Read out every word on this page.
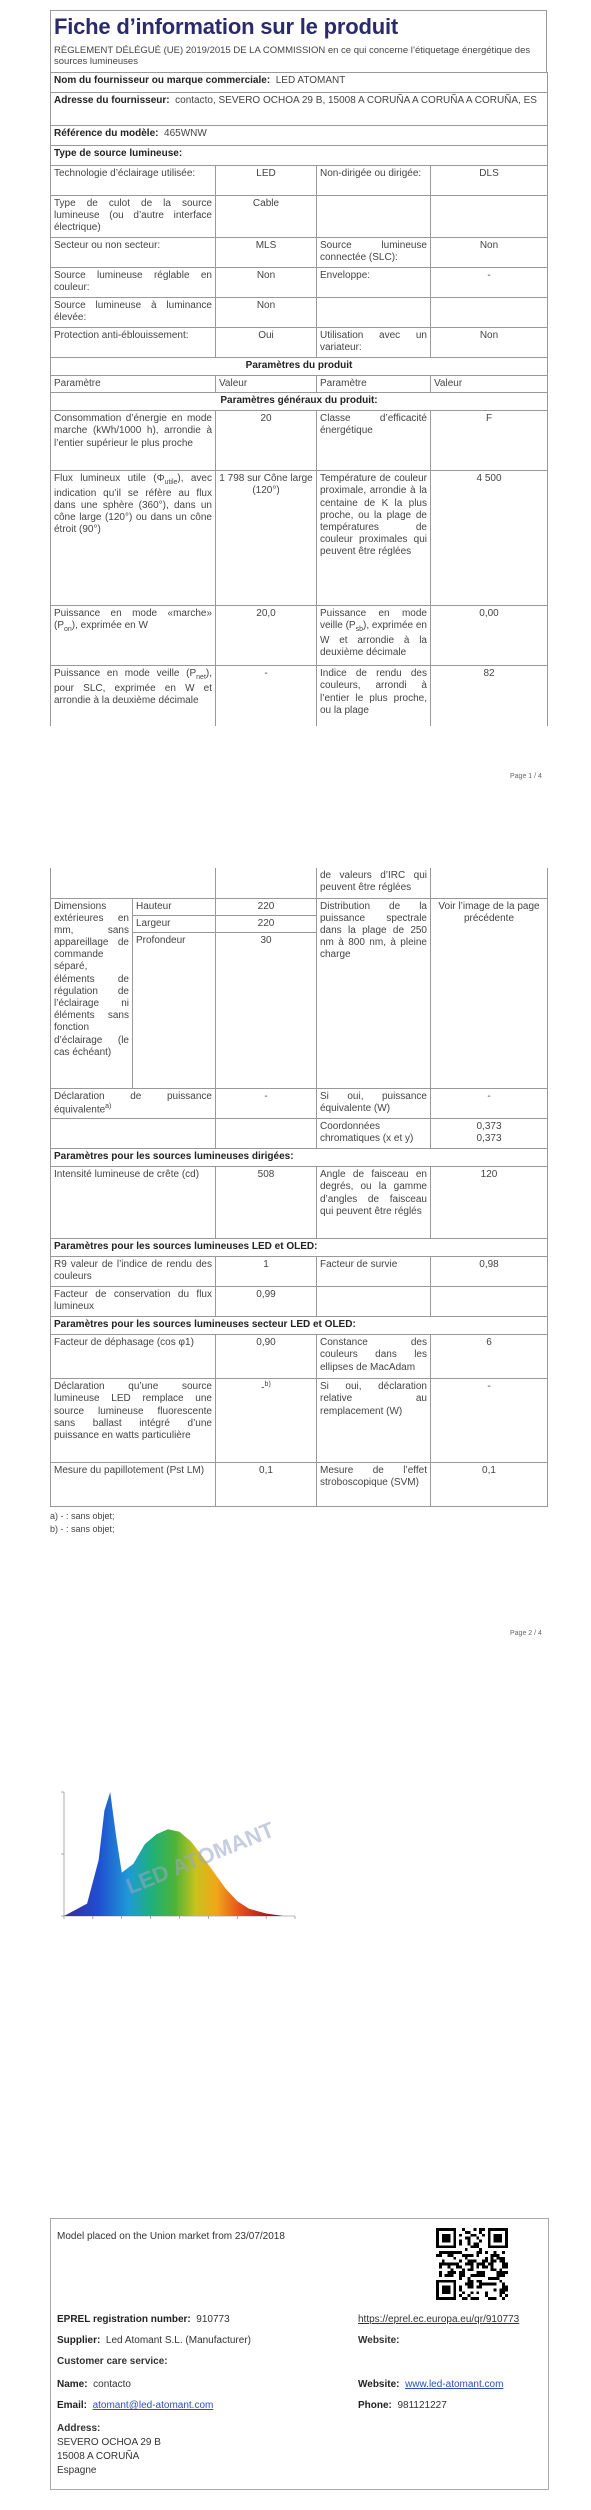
Fiche d’information sur le produit
RÈGLEMENT DÉLÉGUÉ (UE) 2019/2015 DE LA COMMISSION en ce qui concerne l’étiquetage énergétique des sources lumineuses
Nom du fournisseur ou marque commerciale: LED ATOMANT			
Adresse du fournisseur: contacto, SEVERO OCHOA 29 B, 15008 A CORUÑA A CORUÑA A CORUÑA, ES			
Référence du modèle: 465WNW			
Type de source lumineuse:			
Technologie d’éclairage utilisée:	LED	Non-dirigée ou dirigée:	DLS
Type de culot de la source lumineuse (ou d’autre interface électrique)	Cable		
Secteur ou non secteur:	MLS	Source lumineuse connectée (SLC):	Non
Source lumineuse réglable en couleur:	Non	Enveloppe:	-
Source lumineuse à luminance élevée:	Non		
Protection anti-éblouissement:	Oui	Utilisation avec un variateur:	Non
Paramètres du produit			
Paramètre	Valeur	Paramètre	Valeur
Paramètres généraux du produit:			
Consommation d’énergie en mode marche (kWh/1000 h), arrondie à l’entier supérieur le plus proche	20	Classe d’efficacité énergétique	F
Flux lumineux utile $(\Phi_{utile})$, avec indication qu’il se réfère au flux dans une sphère (360°), dans un cône large (120°) ou dans un cône étroit (90°)	1 798 sur Cône large (120°)	Température de couleur proximale, arrondie à la centaine de K la plus proche, ou la plage de températures de couleur proximales qui peuvent être réglées	4 500
Puissance en mode «marche» $(P_{on})$, exprimée en W	20,0	Puissance en mode veille $(P_{sb})$, exprimée en W et arrondie à la deuxième décimale	0,00
Puissance en mode veille $(P_{net})$, pour SLC, exprimée en W et arrondie à la deuxième décimale	-	Indice de rendu des couleurs, arrondi à l’entier le plus proche, ou la plage	82
Page 1 / 4
			de valeurs d’IRC qui peuvent être réglées	
Dimensions extérieures en mm, sans appareillage de commande séparé, éléments de régulation de l’éclairage ni éléments sans fonction d’éclairage (le cas échéant)	Hauteur	220	Distribution de la puissance spectrale dans la plage de 250 nm à 800 nm, à pleine charge	Voir l’image de la page précédente
	Largeur	220		
	Profondeur	30		
Déclaration de puissance équivalente$^{a)}$		-	Si oui, puissance équivalente (W)	-
			Coordonnées chromatiques (x et y)	0,373
0,373

Paramètres pour les sources lumineuses dirigées:				
Intensité lumineuse de crête (cd)		508	Angle de faisceau en degrés, ou la gamme d’angles de faisceau qui peuvent être réglés	120
Paramètres pour les sources lumineuses LED et OLED:				
R9 valeur de l’indice de rendu des couleurs		1	Facteur de survie	0,98
Facteur de conservation du flux lumineux		0,99		
Paramètres pour les sources lumineuses secteur LED et OLED:				
Facteur de déphasage (cos φ1)		0,90	Constance des couleurs dans les ellipses de MacAdam	6
Déclaration qu’une source lumineuse LED remplace une source lumineuse fluorescente sans ballast intégré d’une puissance en watts particulière		-$^{b)}$	Si oui, déclaration relative au remplacement (W)	-
Mesure du papillotement (Pst LM)		0,1	Mesure de l’effet stroboscopique (SVM)	0,1
a) - : sans objet;
b) - : sans objet;
Page 2 / 4
LED ATOMANT
Model placed on the Union market from 23/07/2018
EPREL registration number: 910773	https://eprel.ec.europa.eu/qr/910773
Supplier: Led Atomant S.L. (Manufacturer)	Website:
Customer care service:
Name: contacto	Website: www.led-atomant.com
Email: atomant@led-atomant.com	Phone: 981121227
Address:
SEVERO OCHOA 29 B
15008 A CORUÑA
Espagne
